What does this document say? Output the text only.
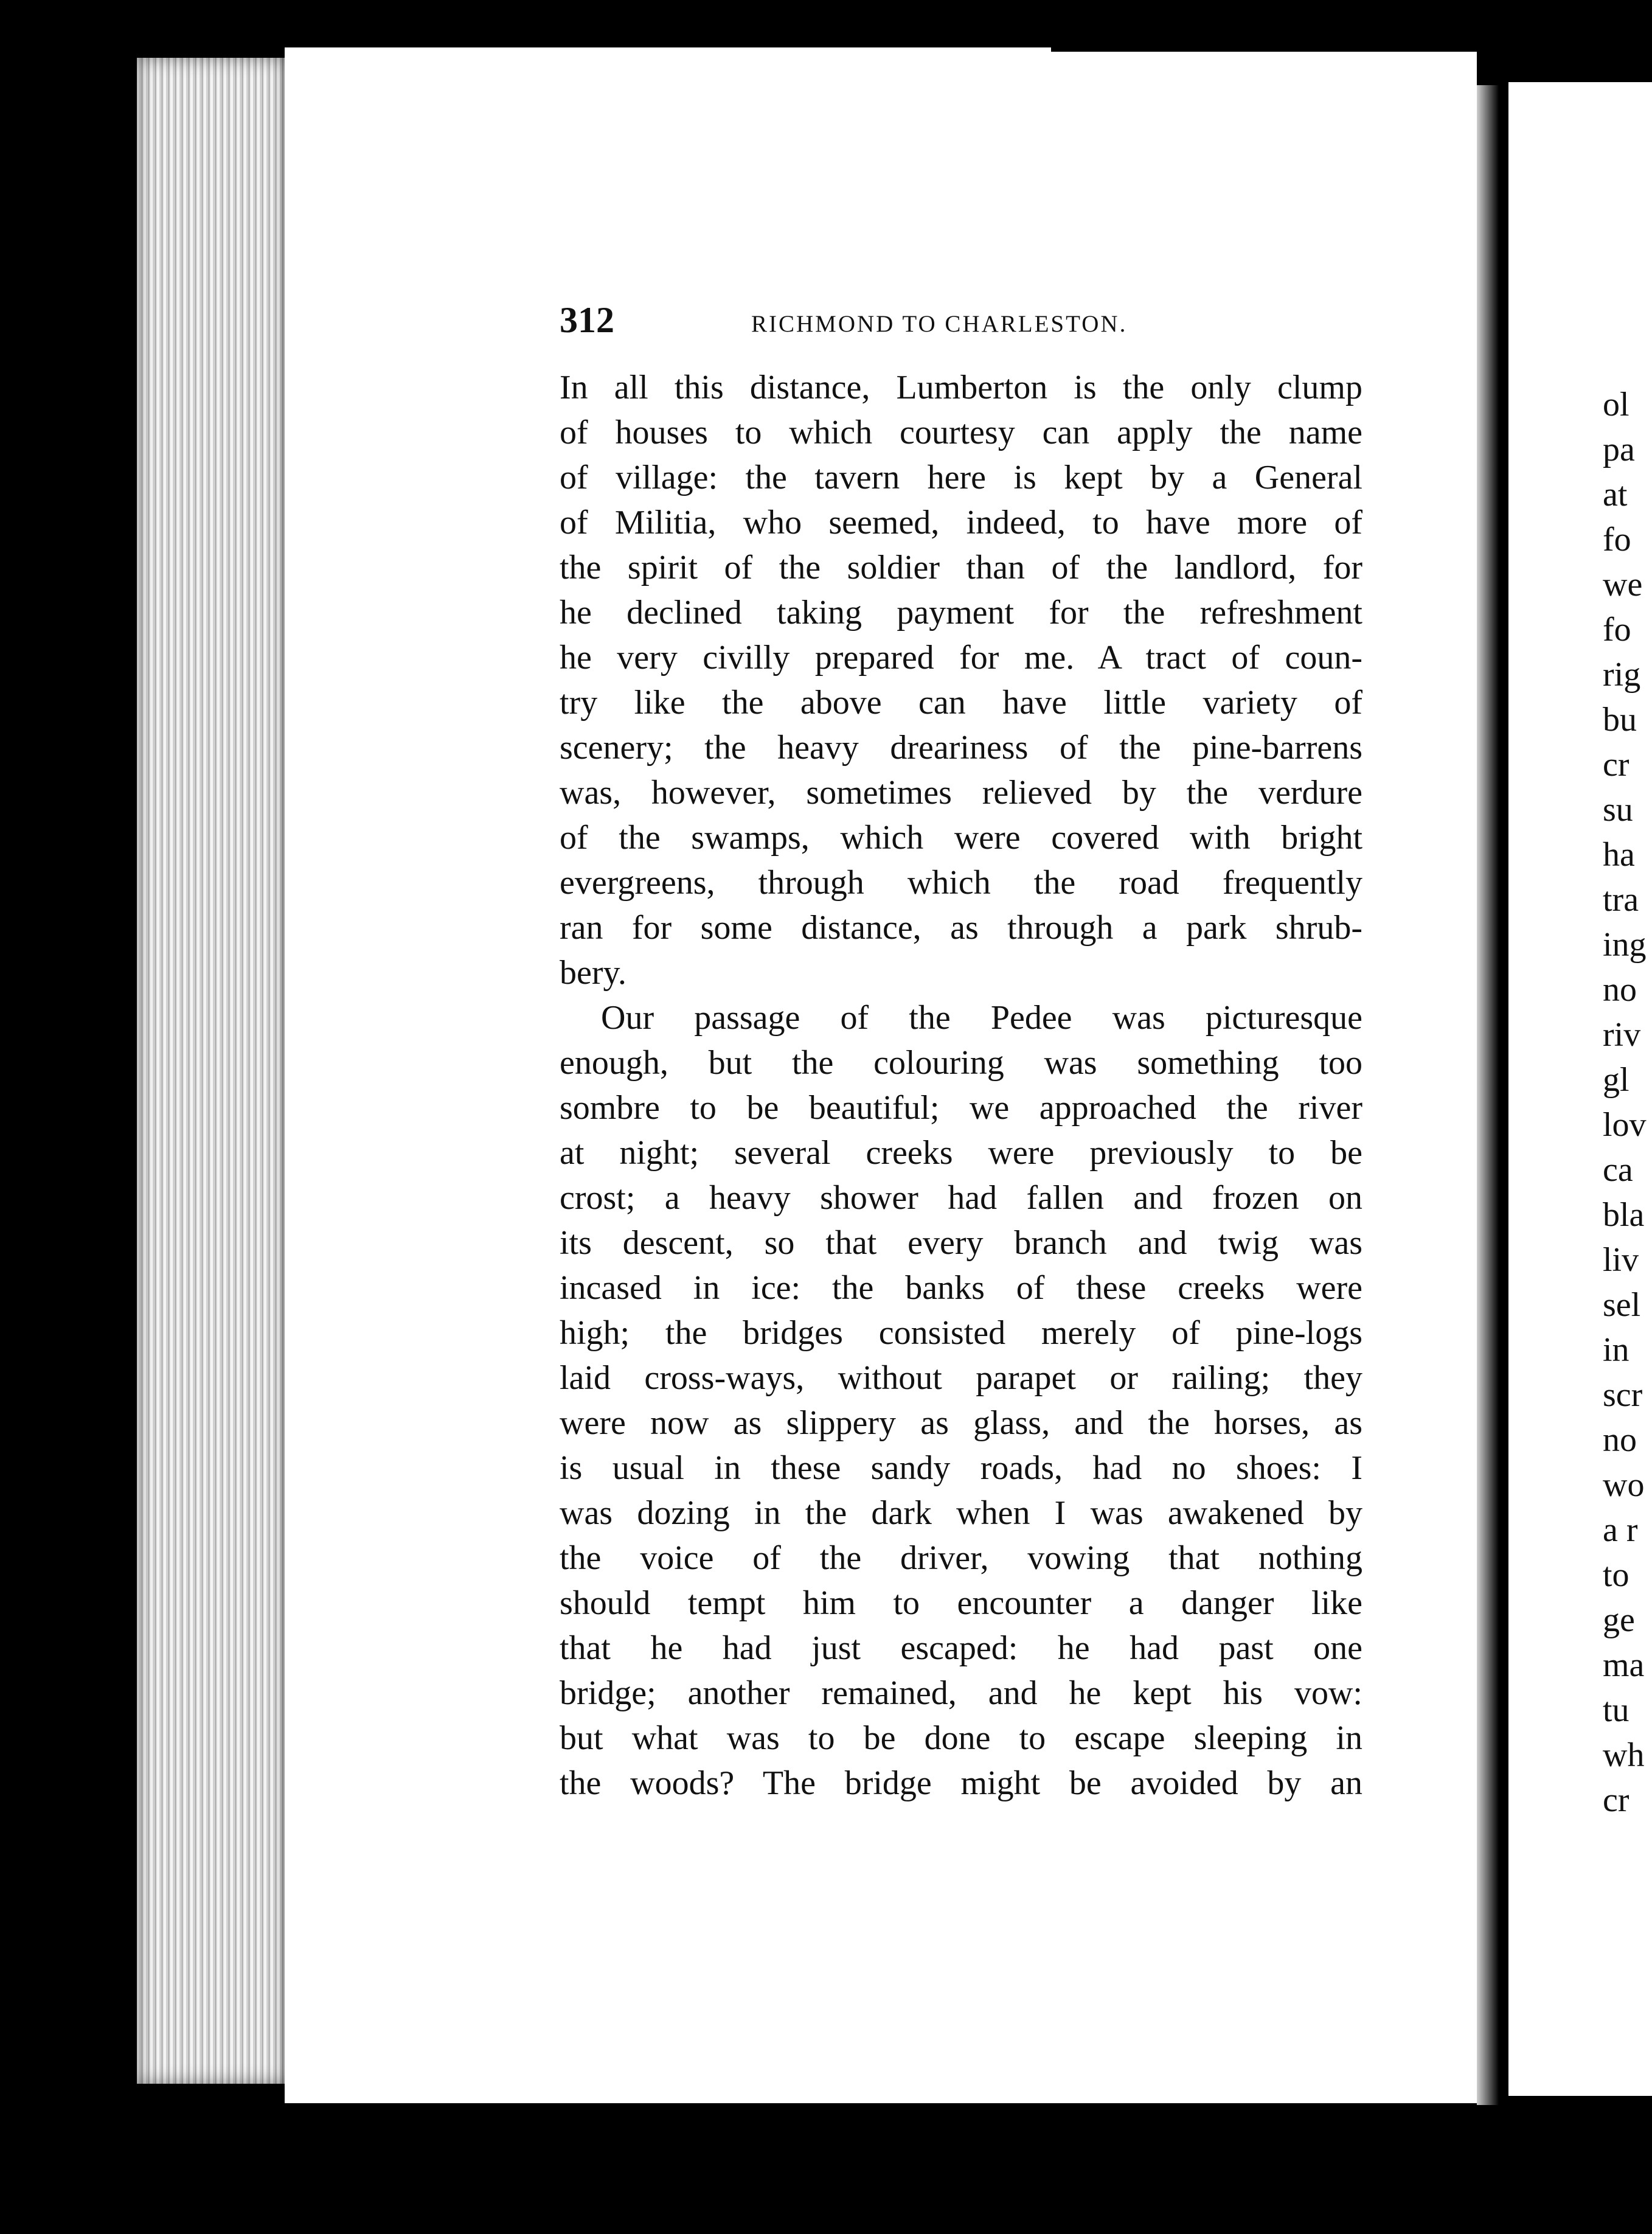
312	RICHMOND TO CHARLESTON.
In all this distance, Lumberton is the only clump
of houses to which courtesy can apply the name
of village: the tavern here is kept by a General
of Militia, who seemed, indeed, to have more of
the spirit of the soldier than of the landlord, for
he declined taking payment for the refreshment
he very civilly prepared for me. A tract of coun-
try like the above can have little variety of
scenery; the heavy dreariness of the pine-barrens
was, however, sometimes relieved by the verdure
of the swamps, which were covered with bright
evergreens, through which the road frequently
ran for some distance, as through a park shrub-
bery.
Our passage of the Pedee was picturesque
enough, but the colouring was something too
sombre to be beautiful; we approached the river
at night; several creeks were previously to be
crost; a heavy shower had fallen and frozen on
its descent, so that every branch and twig was
incased in ice: the banks of these creeks were
high; the bridges consisted merely of pine-logs
laid cross-ways, without parapet or railing; they
were now as slippery as glass, and the horses, as
is usual in these sandy roads, had no shoes: I
was dozing in the dark when I was awakened by
the voice of the driver, vowing that nothing
should tempt him to encounter a danger like
that he had just escaped: he had past one
bridge; another remained, and he kept his vow:
but what was to be done to escape sleeping in
the woods? The bridge might be avoided by an
ol
pa
at
fo
we
fo
rig
bu
cr
su
ha
tra
ing
no
riv
gl
lov
ca
bla
liv
sel
in
scr
no
wo
a r
to
ge
ma
tu
wh
cr
